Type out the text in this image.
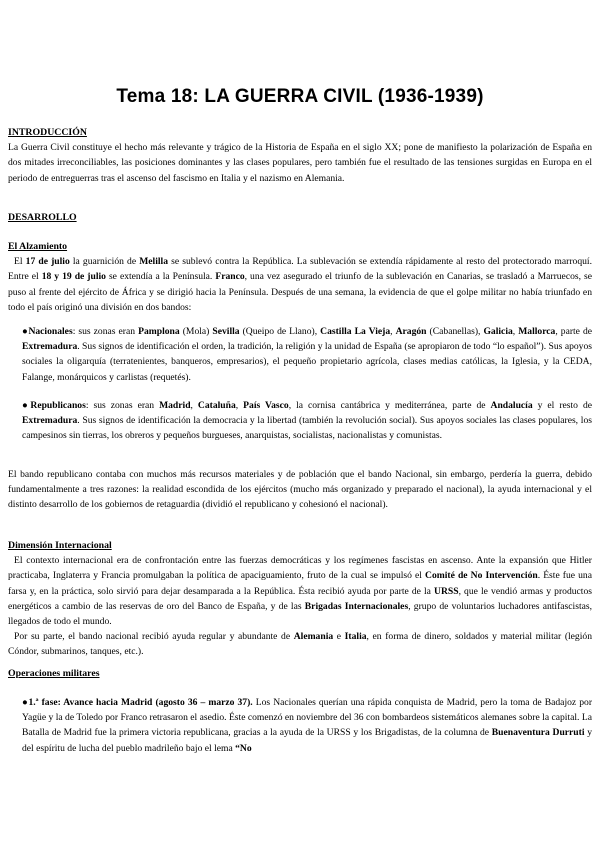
Tema 18: LA GUERRA CIVIL (1936-1939)
INTRODUCCIÓN
La Guerra Civil constituye el hecho más relevante y trágico de la Historia de España en el siglo XX; pone de manifiesto la polarización de España en dos mitades irreconciliables, las posiciones dominantes y las clases populares, pero también fue el resultado de las tensiones surgidas en Europa en el periodo de entreguerras tras el ascenso del fascismo en Italia y el nazismo en Alemania.
DESARROLLO
El Alzamiento
El 17 de julio la guarnición de Melilla se sublevó contra la República. La sublevación se extendía rápidamente al resto del protectorado marroquí. Entre el 18 y 19 de julio se extendía a la Península. Franco, una vez asegurado el triunfo de la sublevación en Canarias, se trasladó a Marruecos, se puso al frente del ejército de África y se dirigió hacia la Península. Después de una semana, la evidencia de que el golpe militar no había triunfado en todo el país originó una división en dos bandos:
●Nacionales: sus zonas eran Pamplona (Mola) Sevilla (Queipo de Llano), Castilla La Vieja, Aragón (Cabanellas), Galicia, Mallorca, parte de Extremadura. Sus signos de identificación el orden, la tradición, la religión y la unidad de España (se apropiaron de todo “lo español”). Sus apoyos sociales la oligarquía (terratenientes, banqueros, empresarios), el pequeño propietario agrícola, clases medias católicas, la Iglesia, y la CEDA, Falange, monárquicos y carlistas (requetés).
●Republicanos: sus zonas eran Madrid, Cataluña, País Vasco, la cornisa cantábrica y mediterránea, parte de Andalucía y el resto de Extremadura. Sus signos de identificación la democracia y la libertad (también la revolución social). Sus apoyos sociales las clases populares, los campesinos sin tierras, los obreros y pequeños burgueses, anarquistas, socialistas, nacionalistas y comunistas.
El bando republicano contaba con muchos más recursos materiales y de población que el bando Nacional, sin embargo, perdería la guerra, debido fundamentalmente a tres razones: la realidad escondida de los ejércitos (mucho más organizado y preparado el nacional), la ayuda internacional y el distinto desarrollo de los gobiernos de retaguardia (dividió el republicano y cohesionó el nacional).
Dimensión Internacional
El contexto internacional era de confrontación entre las fuerzas democráticas y los regímenes fascistas en ascenso. Ante la expansión que Hitler practicaba, Inglaterra y Francia promulgaban la política de apaciguamiento, fruto de la cual se impulsó el Comité de No Intervención. Éste fue una farsa y, en la práctica, solo sirvió para dejar desamparada a la República. Ésta recibió ayuda por parte de la URSS, que le vendió armas y productos energéticos a cambio de las reservas de oro del Banco de España, y de las Brigadas Internacionales, grupo de voluntarios luchadores antifascistas, llegados de todo el mundo.
Por su parte, el bando nacional recibió ayuda regular y abundante de Alemania e Italia, en forma de dinero, soldados y material militar (legión Cóndor, submarinos, tanques, etc.).
Operaciones militares
●1.ª fase: Avance hacia Madrid (agosto 36 – marzo 37). Los Nacionales querían una rápida conquista de Madrid, pero la toma de Badajoz por Yagüe y la de Toledo por Franco retrasaron el asedio. Éste comenzó en noviembre del 36 con bombardeos sistemáticos alemanes sobre la capital. La Batalla de Madrid fue la primera victoria republicana, gracias a la ayuda de la URSS y los Brigadistas, de la columna de Buenaventura Durruti y del espíritu de lucha del pueblo madrileño bajo el lema “No
